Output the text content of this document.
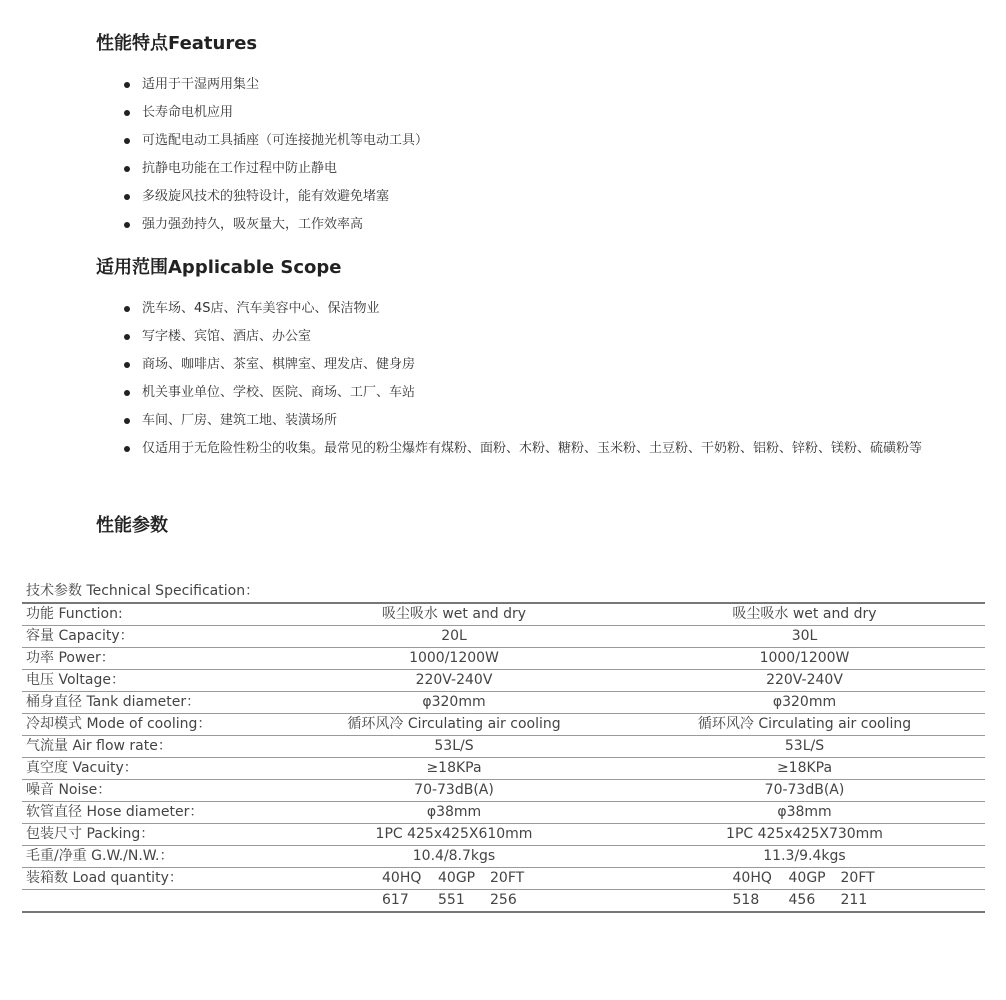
性能特点Features
适用于干湿两用集尘
长寿命电机应用
可选配电动工具插座（可连接抛光机等电动工具）
抗静电功能在工作过程中防止静电
多级旋风技术的独特设计，能有效避免堵塞
强力强劲持久，吸灰量大，工作效率高
适用范围Applicable Scope
洗车场、4S店、汽车美容中心、保洁物业
写字楼、宾馆、酒店、办公室
商场、咖啡店、茶室、棋牌室、理发店、健身房
机关事业单位、学校、医院、商场、工厂、车站
车间、厂房、建筑工地、装潢场所
仅适用于无危险性粉尘的收集。最常见的粉尘爆炸有煤粉、面粉、木粉、糖粉、玉米粉、土豆粉、干奶粉、铝粉、锌粉、镁粉、硫磺粉等
性能参数
技术参数 Technical Specification：
功能 Function:	吸尘吸水 wet and dry	吸尘吸水 wet and dry
容量 Capacity：	20L	30L
功率 Power：	1000/1200W	1000/1200W
电压 Voltage：	220V-240V	220V-240V
桶身直径 Tank diameter：	φ320mm	φ320mm
冷却模式 Mode of cooling：	循环风冷 Circulating air cooling	循环风冷 Circulating air cooling
气流量 Air flow rate：	53L/S	53L/S
真空度 Vacuity：	≥18KPa	≥18KPa
噪音 Noise：	70-73dB(A)	70-73dB(A)
软管直径 Hose diameter：	φ38mm	φ38mm
包装尺寸 Packing：	1PC 425x425X610mm	1PC 425x425X730mm
毛重/净重 G.W./N.W.：	10.4/8.7kgs	11.3/9.4kgs
装箱数 Load quantity：	40HQ 40GP 20FT	40HQ 40GP 20FT
	617 551 256	518 456 211
